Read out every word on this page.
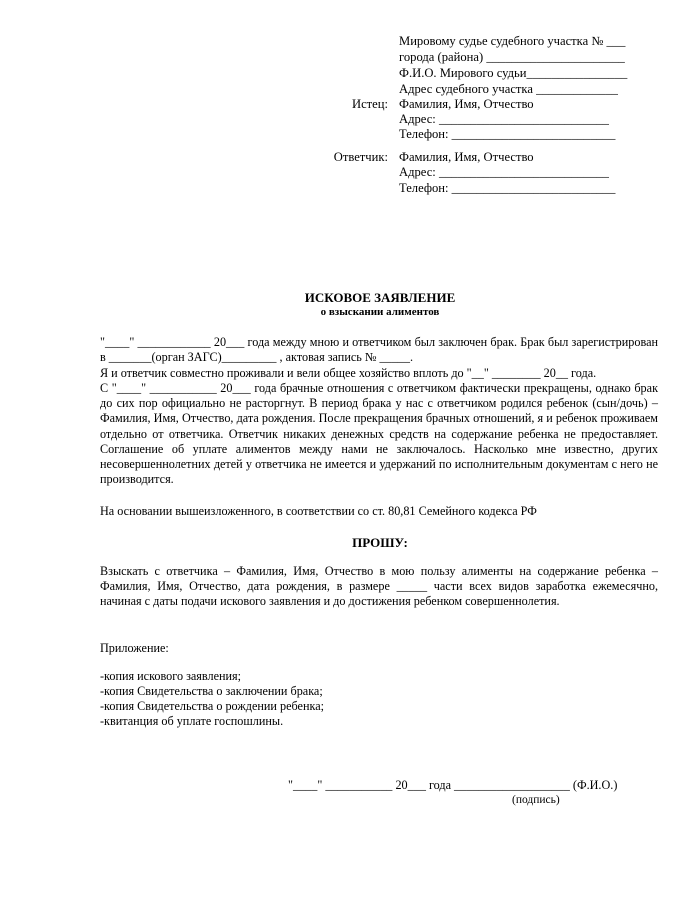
Мировому судье судебного участка № ___
города (района) ______________________
Ф.И.О. Мирового судьи________________
Адрес судебного участка _____________
Истец: Фамилия, Имя, Отчество
Адрес: ___________________________
Телефон: __________________________
Ответчик: Фамилия, Имя, Отчество
Адрес: ___________________________
Телефон: __________________________
ИСКОВОЕ ЗАЯВЛЕНИЕ
о взыскании алиментов
"____" ____________ 20___ года между мною и ответчиком был заключен брак. Брак был зарегистрирован в _______(орган ЗАГС)_________ , актовая запись № _____.
Я и ответчик совместно проживали и вели общее хозяйство вплоть до "__" ________ 20__ года.
С "____" ___________ 20___ года брачные отношения с ответчиком фактически прекращены, однако брак до сих пор официально не расторгнут. В период брака у нас с ответчиком родился ребенок (сын/дочь) – Фамилия, Имя, Отчество, дата рождения. После прекращения брачных отношений, я и ребенок проживаем отдельно от ответчика. Ответчик никаких денежных средств на содержание ребенка не предоставляет. Соглашение об уплате алиментов между нами не заключалось. Насколько мне известно, других несовершеннолетних детей у ответчика не имеется и удержаний по исполнительным документам с него не производится.
На основании вышеизложенного, в соответствии со ст. 80,81 Семейного кодекса РФ
ПРОШУ:
Взыскать с ответчика – Фамилия, Имя, Отчество в мою пользу алименты на содержание ребенка – Фамилия, Имя, Отчество, дата рождения, в размере _____ части всех видов заработка ежемесячно, начиная с даты подачи искового заявления и до достижения ребенком совершеннолетия.
Приложение:
-копия искового заявления;
-копия Свидетельства о заключении брака;
-копия Свидетельства о рождении ребенка;
-квитанция об уплате госпошлины.
"____" ___________ 20___ года ___________________ (Ф.И.О.)
(подпись)
